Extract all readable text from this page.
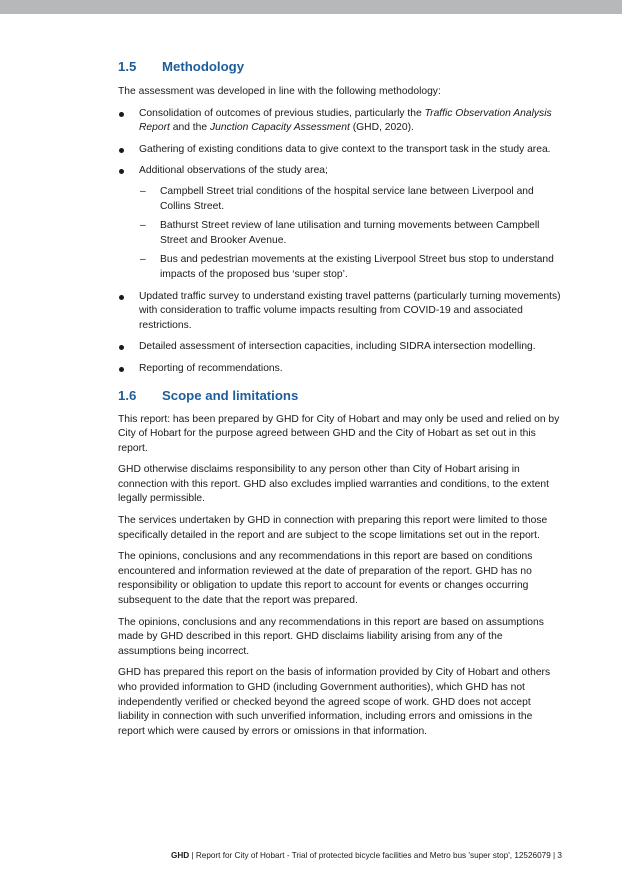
1.5	Methodology

The assessment was developed in line with the following methodology:

Consolidation of outcomes of previous studies, particularly the Traffic Observation Analysis Report and the Junction Capacity Assessment (GHD, 2020).
Gathering of existing conditions data to give context to the transport task in the study area.
Additional observations of the study area;
– Campbell Street trial conditions of the hospital service lane between Liverpool and Collins Street.
– Bathurst Street review of lane utilisation and turning movements between Campbell Street and Brooker Avenue.
– Bus and pedestrian movements at the existing Liverpool Street bus stop to understand impacts of the proposed bus ‘super stop’.
Updated traffic survey to understand existing travel patterns (particularly turning movements) with consideration to traffic volume impacts resulting from COVID-19 and associated restrictions.
Detailed assessment of intersection capacities, including SIDRA intersection modelling.
Reporting of recommendations.
1.6	Scope and limitations

This report: has been prepared by GHD for City of Hobart and may only be used and relied on by City of Hobart for the purpose agreed between GHD and the City of Hobart as set out in this report.

GHD otherwise disclaims responsibility to any person other than City of Hobart arising in connection with this report. GHD also excludes implied warranties and conditions, to the extent legally permissible.

The services undertaken by GHD in connection with preparing this report were limited to those specifically detailed in the report and are subject to the scope limitations set out in the report.

The opinions, conclusions and any recommendations in this report are based on conditions encountered and information reviewed at the date of preparation of the report. GHD has no responsibility or obligation to update this report to account for events or changes occurring subsequent to the date that the report was prepared.

The opinions, conclusions and any recommendations in this report are based on assumptions made by GHD described in this report. GHD disclaims liability arising from any of the assumptions being incorrect.

GHD has prepared this report on the basis of information provided by City of Hobart and others who provided information to GHD (including Government authorities), which GHD has not independently verified or checked beyond the agreed scope of work. GHD does not accept liability in connection with such unverified information, including errors and omissions in the report which were caused by errors or omissions in that information.

GHD | Report for City of Hobart - Trial of protected bicycle facilities and Metro bus 'super stop', 12526079 | 3
